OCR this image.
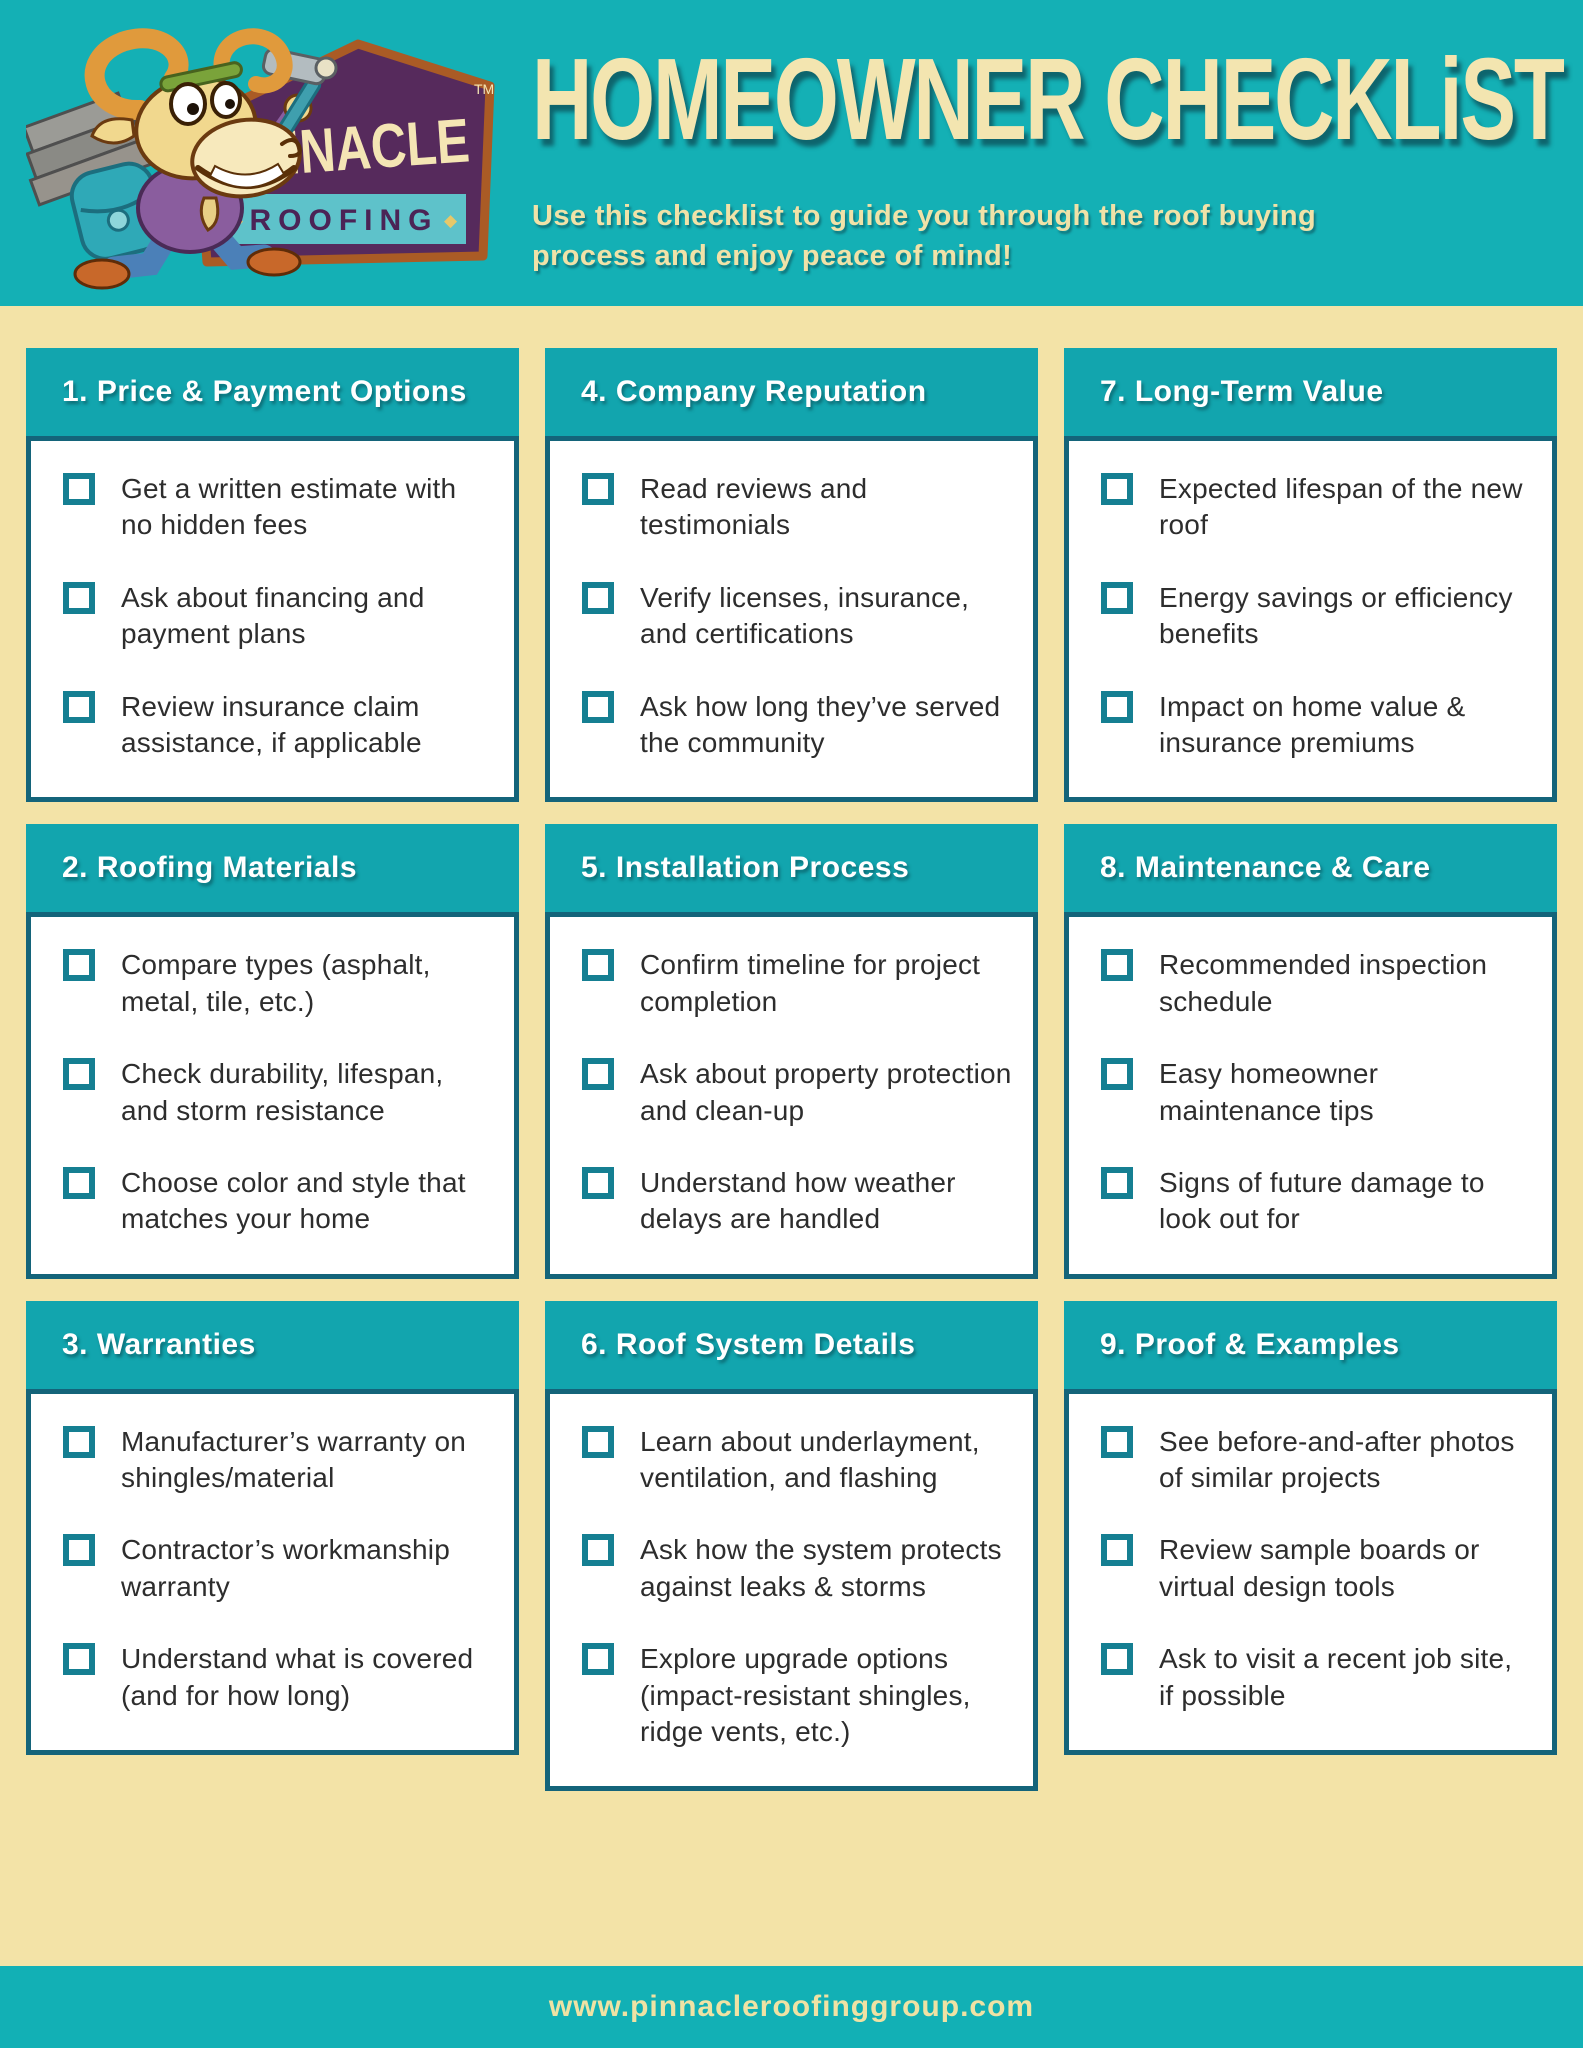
PINNACLE
TM
ROOFING ◆
HOMEOWNER CHECKLiST

Use this checklist to guide you through the roof buying process and enjoy peace of mind!

1. Price & Payment Options
Get a written estimate with no hidden fees
Ask about financing and payment plans
Review insurance claim assistance, if applicable
4. Company Reputation
Read reviews and testimonials
Verify licenses, insurance, and certifications
Ask how long they’ve served the community
7. Long-Term Value
Expected lifespan of the new roof
Energy savings or efficiency benefits
Impact on home value & insurance premiums
2. Roofing Materials
Compare types (asphalt, metal, tile, etc.)
Check durability, lifespan, and storm resistance
Choose color and style that matches your home
5. Installation Process
Confirm timeline for project completion
Ask about property protection and clean-up
Understand how weather delays are handled
8. Maintenance & Care
Recommended inspection schedule
Easy homeowner maintenance tips
Signs of future damage to look out for
3. Warranties
Manufacturer’s warranty on shingles/material
Contractor’s workmanship warranty
Understand what is covered (and for how long)
6. Roof System Details
Learn about underlayment, ventilation, and flashing
Ask how the system protects against leaks & storms
Explore upgrade options (impact-resistant shingles, ridge vents, etc.)
9. Proof & Examples
See before-and-after photos of similar projects
Review sample boards or virtual design tools
Ask to visit a recent job site, if possible
www.pinnacleroofinggroup.com
